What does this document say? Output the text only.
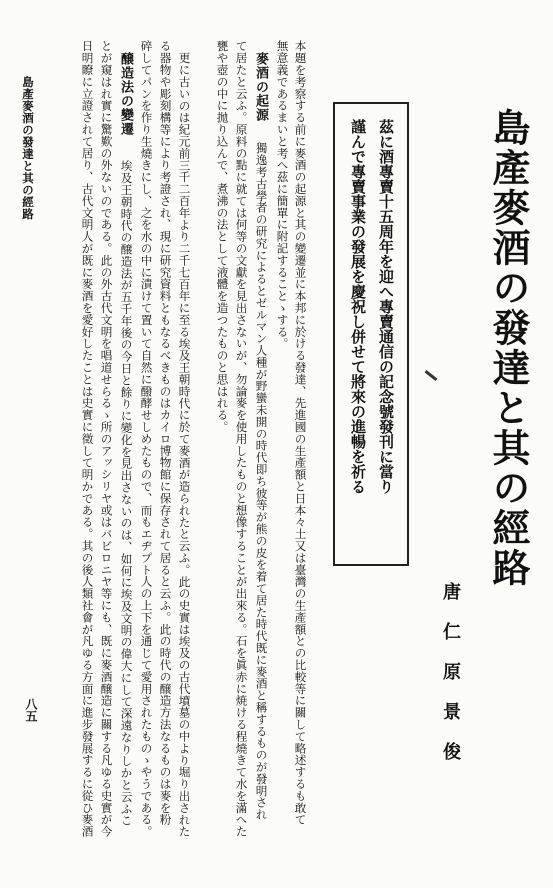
島產麥酒の發達と其の經路
茲に酒專賣十五周年を迎へ專賣通信の記念號發刊に當り
謹んで專賣事業の發展を慶祝し併せて將來の進暢を祈る
唐仁原景俊
本題を考察する前に麥酒の起源と其の變遷並に本邦に於ける發達、先進國の生產額と日本々土又は臺灣の生產額との比較等に關して略述するも敢て
無意義であるまいと考へ茲に簡單に附記することゝする。
麥酒の起源
獨逸考古學者の研究によるとゼルマン人種が野蠻未開の時代即ち彼等が熊の皮を着て居た時代既に麥酒と稱するものが發明され
て居たと云ふ。原料の點に就ては何等の文獻を見出さないが、勿論麥を使用したものと想像することが出來る。石を眞赤に焼ける程燒きて水を滿へた
甕や壺の中に拋り込んで、煮沸の法として液體を造つたものと思はれる。
更に古いのは紀元前三千二百年より二千七百年に至る埃及王朝時代に於て麥酒が造られたと云ふ。此の史實は埃及の古代墳墓の中より堀り出された
る器物や彫刻構等により考證され、現に研究資料ともなるべきものはカイロ博物館に保存されて居ると云ふ。此の時代の醸造方法なるものは麥を粉
碎してパンを作り生燒きにし、之を水の中に漬けて置いて自然に醱酵せしめたもので、而もエヂプト人の上下を通じて愛用されたものゝやうである。
醸造法の變遷
埃及王朝時代の醸造法が五千年後の今日と餘りに變化を見出さないのは、如何に埃及文明の偉大にして深遠なりしかと云ふこ
とが窺はれ實に驚歎の外ないのである。此の外古代文明を唱道せらるゝ所のアッシリヤ或はバビロニヤ等にも、既に麥酒醸造に關する凡ゆる史實が今
日明瞭に立證されて居り、古代文明人が既に麥酒を愛好したことは史實に徵して明かである。其の後人類社會が凡ゆる方面に進步發展するに從ひ麥酒
島產麥酒の發達と其の經路
八五
